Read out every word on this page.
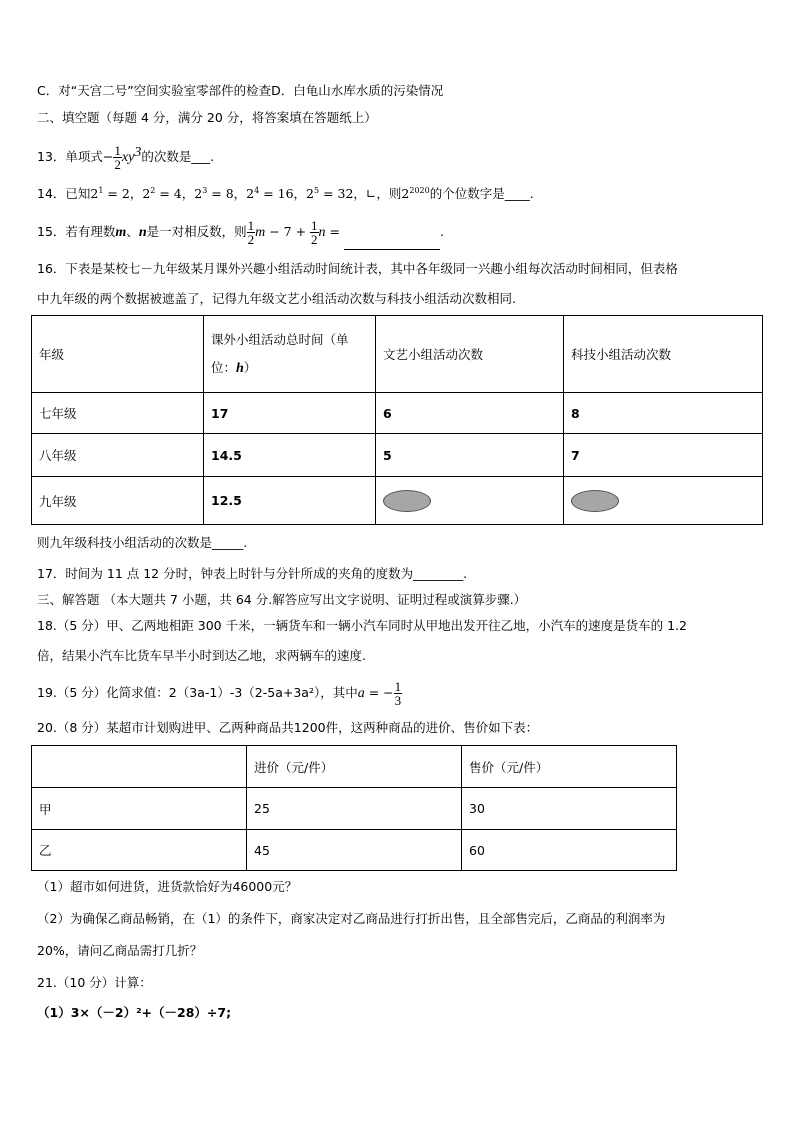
C．对“天宫二号”空间实验室零部件的检查D．白龟山水库水质的污染情况
二、填空题（每题 4 分，满分 20 分，将答案填在答题纸上）
13．单项式− $\frac{1}{2} xy^3$的次数是___.
14．已知$2^1 = 2$，$2^2 = 4$，$2^3 = 8$，$2^4 = 16$，$2^5 = 32$，∟，则$2^{2020}$的个位数字是____.
15．若有理数m、n是一对相反数，则 $\frac{1}{2}$ $m - 7 + \frac{1}{2}$ n =	.
16．下表是某校七－九年级某月课外兴趣小组活动时间统计表，其中各年级同一兴趣小组每次活动时间相同，但表格
中九年级的两个数据被遮盖了，记得九年级文艺小组活动次数与科技小组活动次数相同.
年级	课外小组活动总时间（单
位：h）	文艺小组活动次数	科技小组活动次数
七年级	17	6	8
八年级	14.5	5	7
九年级	12.5		
则九年级科技小组活动的次数是_____.
17．时间为 11 点 12 分时，钟表上时针与分针所成的夹角的度数为________.
三、解答题 （本大题共 7 小题，共 64 分.解答应写出文字说明、证明过程或演算步骤.）
18.（5 分）甲、乙两地相距 300 千米，一辆货车和一辆小汽车同时从甲地出发开往乙地，小汽车的速度是货车的 1.2
倍，结果小汽车比货车早半小时到达乙地，求两辆车的速度.
19.（5 分）化简求值：2（3a-1）-3（2-5a+3a²），其中a = − $\frac{1}{3}$
20.（8 分）某超市计划购进甲、乙两种商品共1200件，这两种商品的进价、售价如下表：
	进价（元/件）	售价（元/件）
甲	25	30
乙	45	60
（1）超市如何进货，进货款恰好为46000元？
（2）为确保乙商品畅销，在（1）的条件下，商家决定对乙商品进行打折出售，且全部售完后，乙商品的利润率为
20%，请问乙商品需打几折？
21.（10 分）计算：
（1）3×（－2）²+（－28）÷7;
